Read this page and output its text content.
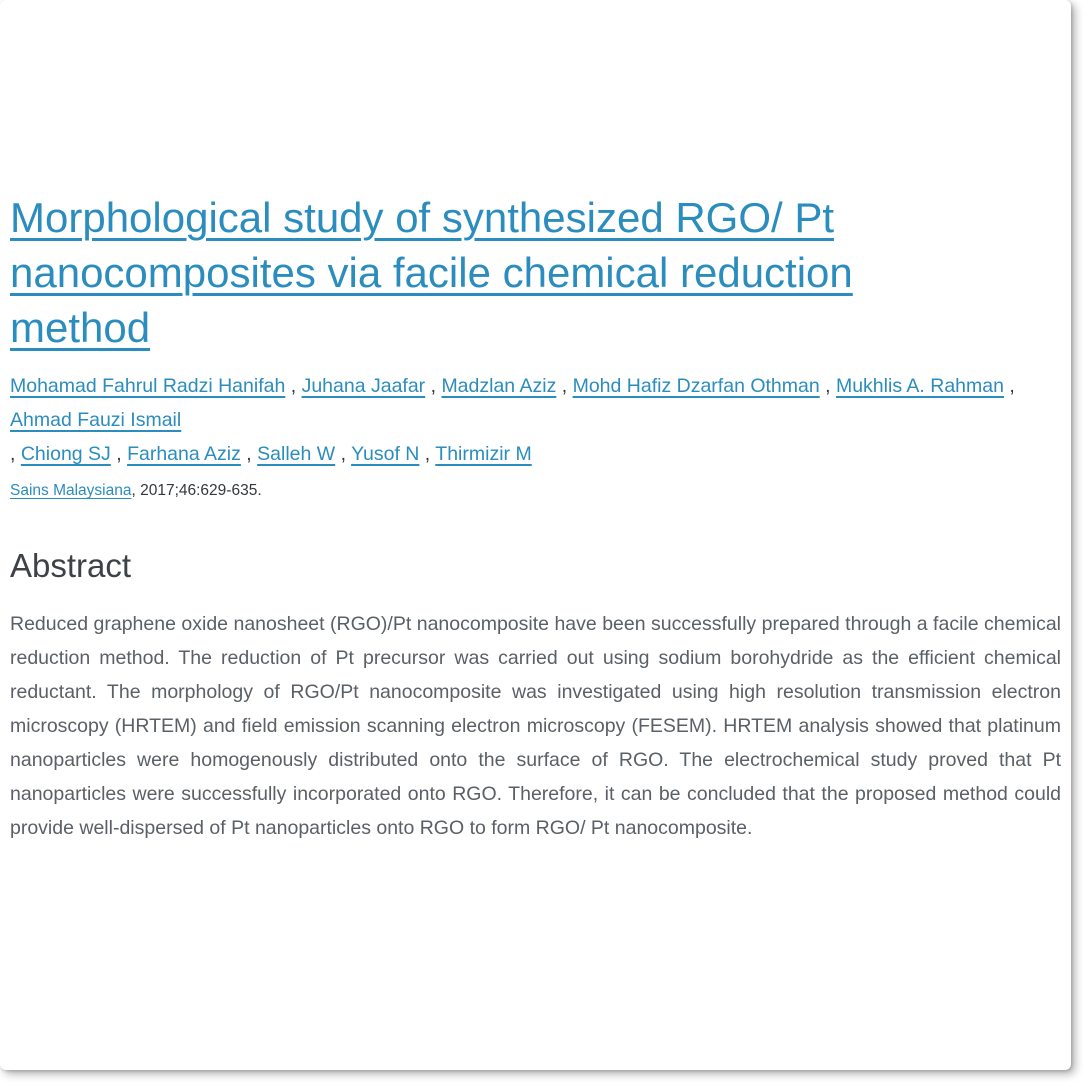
Morphological study of synthesized RGO/ Pt nanocomposites via facile chemical reduction method
Mohamad Fahrul Radzi Hanifah , Juhana Jaafar , Madzlan Aziz , Mohd Hafiz Dzarfan Othman , Mukhlis A. Rahman , Ahmad Fauzi Ismail
, Chiong SJ , Farhana Aziz , Salleh W , Yusof N , Thirmizir M
Sains Malaysiana, 2017;46:629-635.
Abstract

Reduced graphene oxide nanosheet (RGO)/Pt nanocomposite have been successfully prepared through a facile chemical reduction method. The reduction of Pt precursor was carried out using sodium borohydride as the efficient chemical reductant. The morphology of RGO/Pt nanocomposite was investigated using high resolution transmission electron microscopy (HRTEM) and field emission scanning electron microscopy (FESEM). HRTEM analysis showed that platinum nanoparticles were homogenously distributed onto the surface of RGO. The electrochemical study proved that Pt nanoparticles were successfully incorporated onto RGO. Therefore, it can be concluded that the proposed method could provide well-dispersed of Pt nanoparticles onto RGO to form RGO/ Pt nanocomposite.
